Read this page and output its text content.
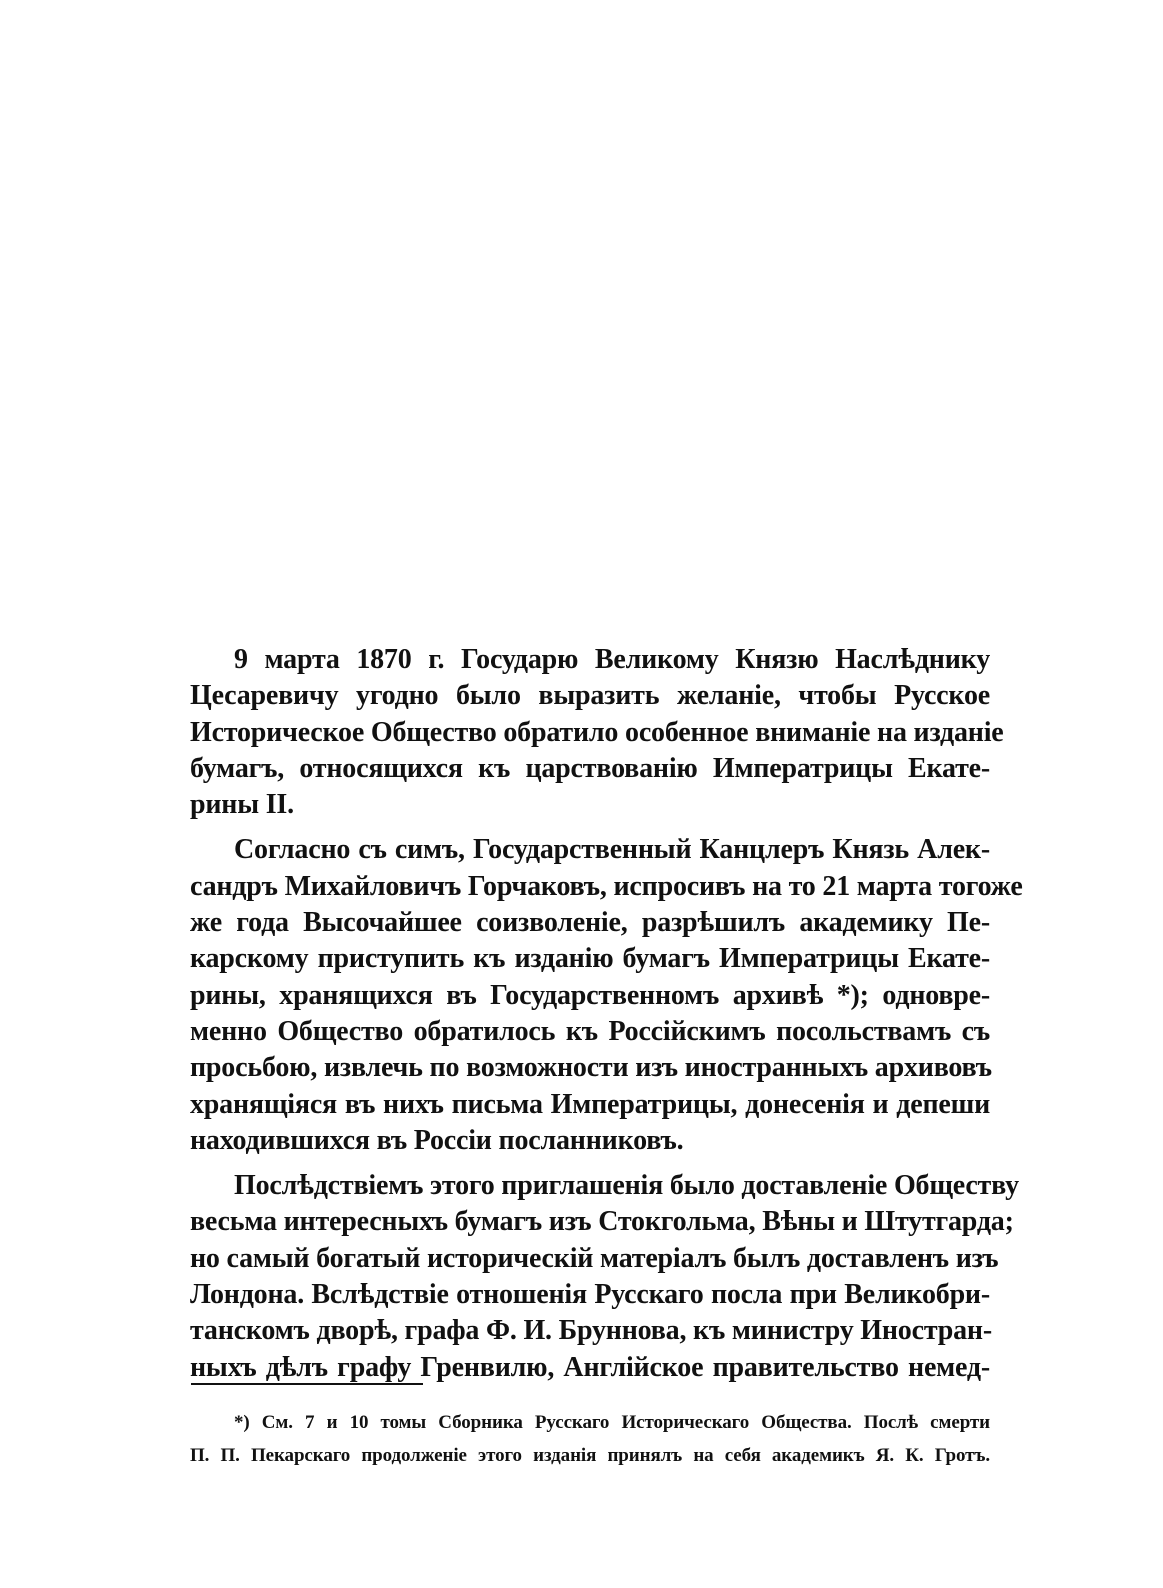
9 марта 1870 г. Государю Великому Князю Наслѣднику
Цесаревичу угодно было выразить желаніе, чтобы Русское
Историческое Общество обратило особенное вниманіе на изданіе
бумагъ, относящихся къ царствованію Императрицы Екате-
рины II.
Согласно съ симъ, Государственный Канцлеръ Князь Алек-
сандръ Михайловичъ Горчаковъ, испросивъ на то 21 марта тогоже
же года Высочайшее соизволеніе, разрѣшилъ академику Пе-
карскому приступить къ изданію бумагъ Императрицы Екате-
рины, хранящихся въ Государственномъ архивѣ *); одновре-
менно Общество обратилось къ Россійскимъ посольствамъ съ
просьбою, извлечь по возможности изъ иностранныхъ архивовъ
хранящіяся въ нихъ письма Императрицы, донесенія и депеши
находившихся въ Россіи посланниковъ.
Послѣдствіемъ этого приглашенія было доставленіе Обществу
весьма интересныхъ бумагъ изъ Стокгольма, Вѣны и Штутгарда;
но самый богатый историческій матеріалъ былъ доставленъ изъ
Лондона. Вслѣдствіе отношенія Русскаго посла при Великобри-
танскомъ дворѣ, графа Ф. И. Бруннова, къ министру Иностран-
ныхъ дѣлъ графу Гренвилю, Англійское правительство немед-
*) См. 7 и 10 томы Сборника Русскаго Историческаго Общества. Послѣ смерти
П. П. Пекарскаго продолженіе этого изданія принялъ на себя академикъ Я. К. Гротъ.
